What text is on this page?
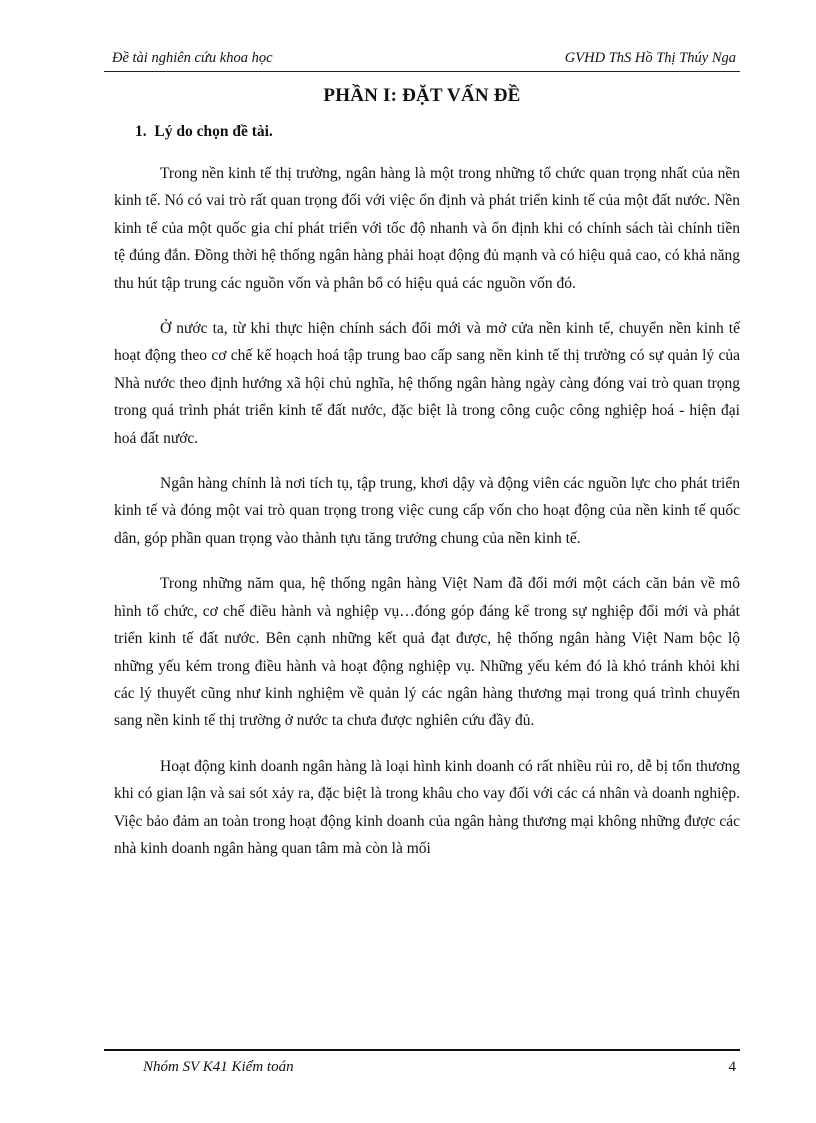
Đề tài nghiên cứu khoa học	GVHD ThS Hồ Thị Thúy Nga
PHẦN I: ĐẶT VẤN ĐỀ
1. Lý do chọn đề tài.

Trong nền kinh tế thị trường, ngân hàng là một trong những tổ chức quan trọng nhất của nền kinh tế. Nó có vai trò rất quan trọng đối với việc ổn định và phát triển kinh tế của một đất nước. Nền kinh tế của một quốc gia chỉ phát triển với tốc độ nhanh và ổn định khi có chính sách tài chính tiền tệ đúng đắn. Đồng thời hệ thống ngân hàng phải hoạt động đủ mạnh và có hiệu quả cao, có khả năng thu hút tập trung các nguồn vốn và phân bổ có hiệu quả các nguồn vốn đó.

Ở nước ta, từ khi thực hiện chính sách đổi mới và mở cửa nền kinh tế, chuyển nền kinh tế hoạt động theo cơ chế kế hoạch hoá tập trung bao cấp sang nền kinh tế thị trường có sự quản lý của Nhà nước theo định hướng xã hội chủ nghĩa, hệ thống ngân hàng ngày càng đóng vai trò quan trọng trong quá trình phát triển kinh tế đất nước, đặc biệt là trong công cuộc công nghiệp hoá - hiện đại hoá đất nước.

Ngân hàng chính là nơi tích tụ, tập trung, khơi dậy và động viên các nguồn lực cho phát triển kinh tế và đóng một vai trò quan trọng trong việc cung cấp vốn cho hoạt động của nền kinh tế quốc dân, góp phần quan trọng vào thành tựu tăng trưởng chung của nền kinh tế.

Trong những năm qua, hệ thống ngân hàng Việt Nam đã đổi mới một cách căn bản về mô hình tổ chức, cơ chế điều hành và nghiệp vụ…đóng góp đáng kể trong sự nghiệp đổi mới và phát triển kinh tế đất nước. Bên cạnh những kết quả đạt được, hệ thống ngân hàng Việt Nam bộc lộ những yếu kém trong điều hành và hoạt động nghiệp vụ. Những yếu kém đó là khó tránh khỏi khi các lý thuyết cũng như kinh nghiệm về quản lý các ngân hàng thương mại trong quá trình chuyển sang nền kinh tế thị trường ở nước ta chưa được nghiên cứu đầy đủ.

Hoạt động kinh doanh ngân hàng là loại hình kinh doanh có rất nhiều rủi ro, dễ bị tổn thương khi có gian lận và sai sót xảy ra, đặc biệt là trong khâu cho vay đối với các cá nhân và doanh nghiệp. Việc bảo đảm an toàn trong hoạt động kinh doanh của ngân hàng thương mại không những được các nhà kinh doanh ngân hàng quan tâm mà còn là mối

Nhóm SV K41 Kiểm toán	4
